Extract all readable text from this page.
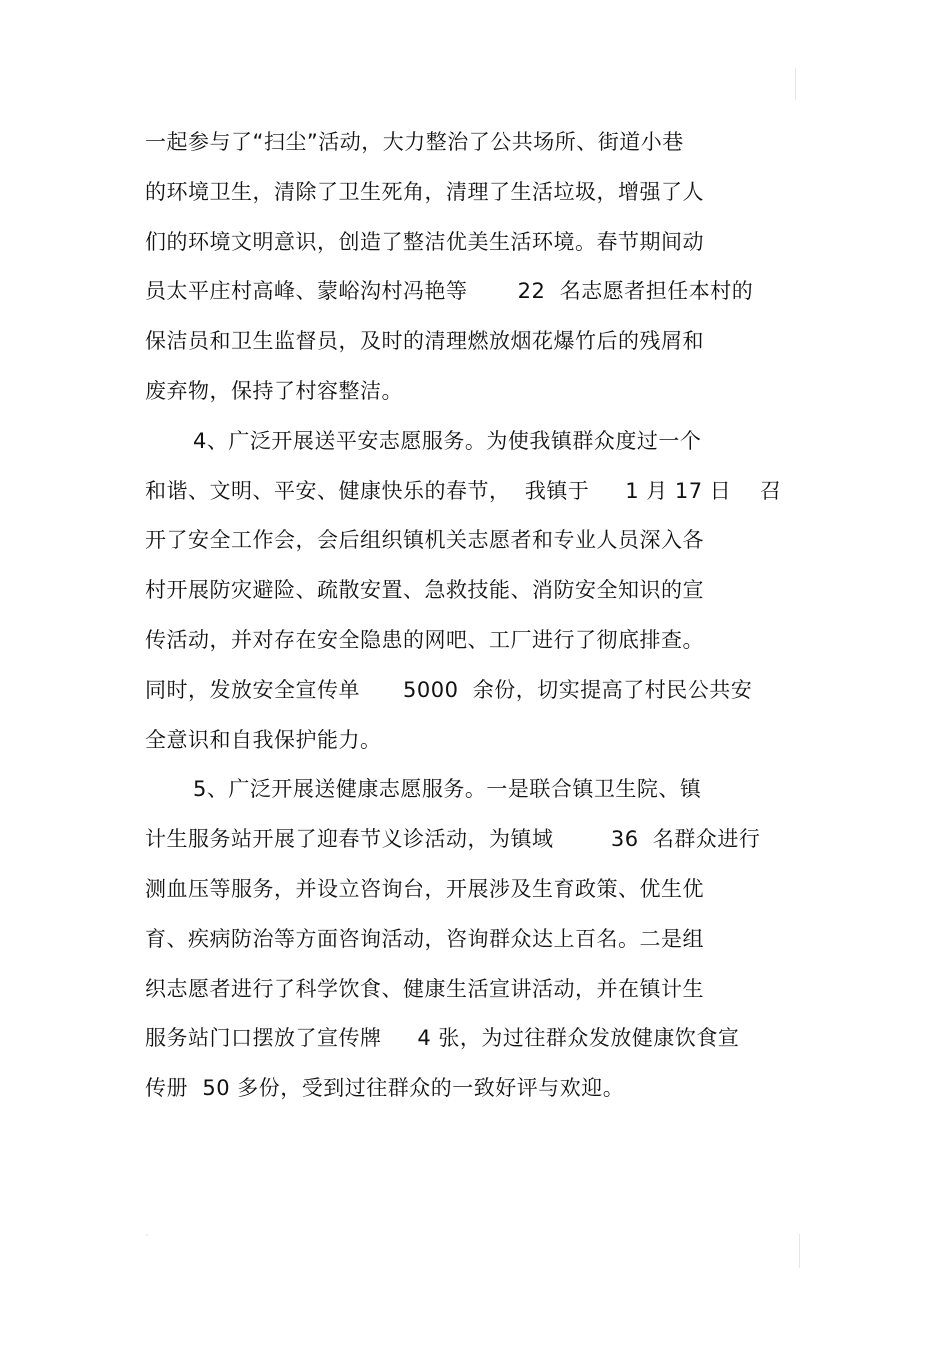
一起参与了“扫尘”活动，大力整治了公共场所、街道小巷
的环境卫生，清除了卫生死角，清理了生活垃圾，增强了人
们的环境文明意识，创造了整洁优美生活环境。春节期间动
员太平庄村高峰、蒙峪沟村冯艳等　　 22  名志愿者担任本村的
保洁员和卫生监督员，及时的清理燃放烟花爆竹后的残屑和
废弃物，保持了村容整洁。
4、广泛开展送平安志愿服务。为使我镇群众度过一个
和谐、文明、平安、健康快乐的春节，  我镇于　  1 月 17 日　 召
开了安全工作会，会后组织镇机关志愿者和专业人员深入各
村开展防灾避险、疏散安置、急救技能、消防安全知识的宣
传活动，并对存在安全隐患的网吧、工厂进行了彻底排查。
同时，发放安全宣传单　　5000  余份，切实提高了村民公共安
全意识和自我保护能力。
5、广泛开展送健康志愿服务。一是联合镇卫生院、镇
计生服务站开展了迎春节义诊活动，为镇域　　  36  名群众进行
测血压等服务，并设立咨询台，开展涉及生育政策、优生优
育、疾病防治等方面咨询活动，咨询群众达上百名。二是组
织志愿者进行了科学饮食、健康生活宣讲活动，并在镇计生
服务站门口摆放了宣传牌　  4 张，为过往群众发放健康饮食宣
传册  50 多份，受到过往群众的一致好评与欢迎。
